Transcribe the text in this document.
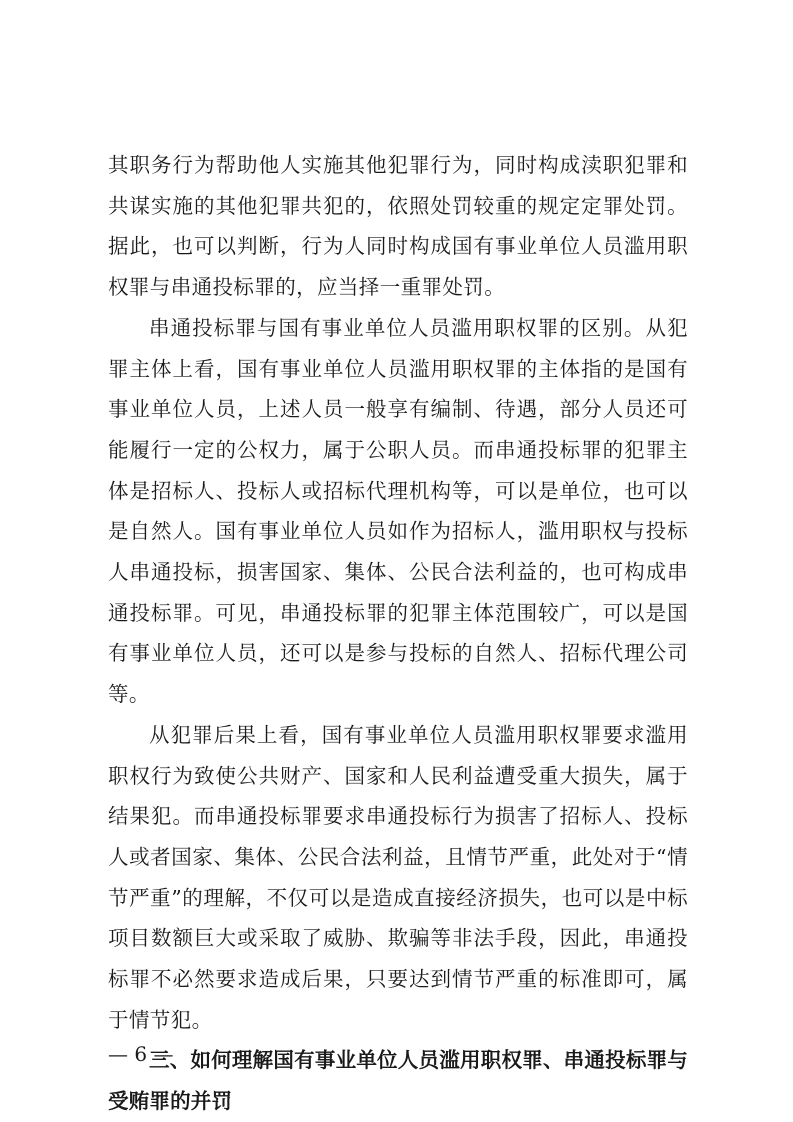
其职务行为帮助他人实施其他犯罪行为，同时构成渎职犯罪和共谋实施的其他犯罪共犯的，依照处罚较重的规定定罪处罚。据此，也可以判断，行为人同时构成国有事业单位人员滥用职权罪与串通投标罪的，应当择一重罪处罚。

串通投标罪与国有事业单位人员滥用职权罪的区别。从犯罪主体上看，国有事业单位人员滥用职权罪的主体指的是国有事业单位人员，上述人员一般享有编制、待遇，部分人员还可能履行一定的公权力，属于公职人员。而串通投标罪的犯罪主体是招标人、投标人或招标代理机构等，可以是单位，也可以是自然人。国有事业单位人员如作为招标人，滥用职权与投标人串通投标，损害国家、集体、公民合法利益的，也可构成串通投标罪。可见，串通投标罪的犯罪主体范围较广，可以是国有事业单位人员，还可以是参与投标的自然人、招标代理公司等。

从犯罪后果上看，国有事业单位人员滥用职权罪要求滥用职权行为致使公共财产、国家和人民利益遭受重大损失，属于结果犯。而串通投标罪要求串通投标行为损害了招标人、投标人或者国家、集体、公民合法利益，且情节严重，此处对于“情节严重”的理解，不仅可以是造成直接经济损失，也可以是中标项目数额巨大或采取了威胁、欺骗等非法手段，因此，串通投标罪不必然要求造成后果，只要达到情节严重的标准即可，属于情节犯。

三、如何理解国有事业单位人员滥用职权罪、串通投标罪与受贿罪的并罚

— 6 —
